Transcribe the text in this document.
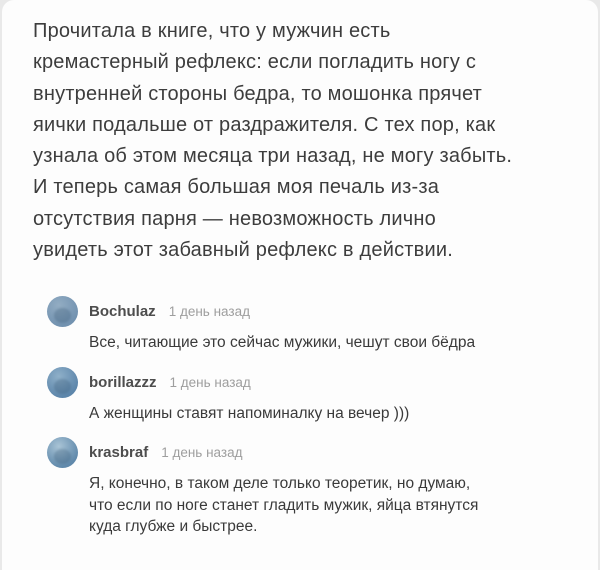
Прочитала в книге, что у мужчин есть
кремастерный рефлекс: если погладить ногу с
внутренней стороны бедра, то мошонка прячет
яички подальше от раздражителя. С тех пор, как
узнала об этом месяца три назад, не могу забыть.
И теперь самая большая моя печаль из-за
отсутствия парня — невозможность лично
увидеть этот забавный рефлекс в действии.
Bochulaz 1 день назад
Все, читающие это сейчас мужики, чешут свои бёдра
borillazzz 1 день назад
А женщины ставят напоминалку на вечер )))
krasbraf 1 день назад
Я, конечно, в таком деле только теоретик, но думаю,
что если по ноге станет гладить мужик, яйца втянутся
куда глубже и быстрее.
